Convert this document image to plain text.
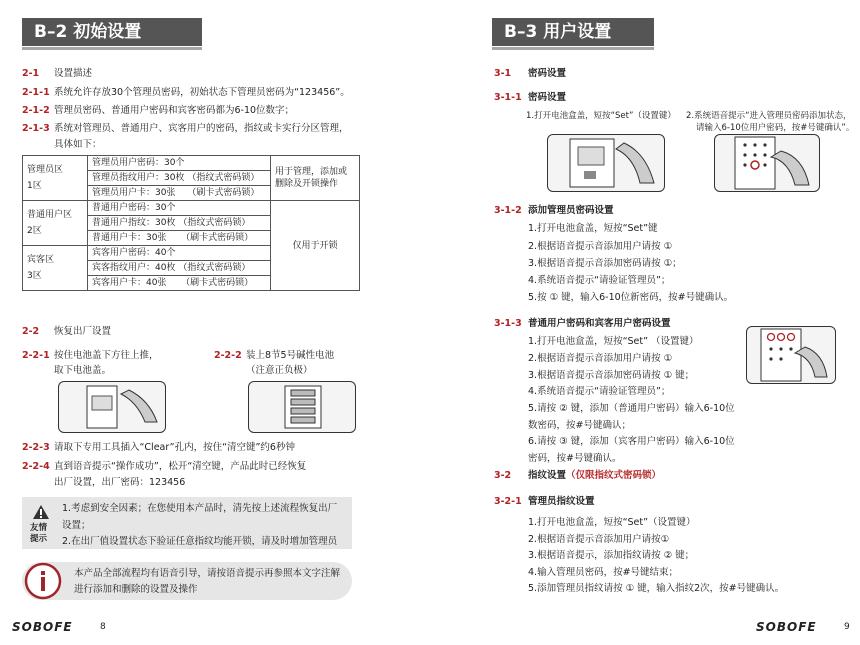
B–2 初始设置
2-1 设置描述
2-1-1 系统允许存放30个管理员密码，初始状态下管理员密码为“123456”。
2-1-2 管理员密码、普通用户密码和宾客密码都为6-10位数字；
2-1-3 系统对管理员、普通用户、宾客用户的密码，指纹或卡实行分区管理，
具体如下：
管理员区
1区	管理员用户密码：30个	用于管理，添加或删除及开锁操作
	管理员指纹用户：30枚 （指纹式密码锁）	
	管理员用户卡：30张　 （刷卡式密码锁）	
普通用户区
2区	普通用户密码：30个	仅用于开锁
	普通用户指纹：30枚 （指纹式密码锁）	
	普通用户卡：30张 　 （刷卡式密码锁）	
宾客区
3区	宾客用户密码：40个	
	宾客指纹用户：40枚 （指纹式密码锁）	
	宾客用户卡：40张 　 （刷卡式密码锁）	
2-2 恢复出厂设置
2-2-1 按住电池盖下方往上推，
取下电池盖。
2-2-2 装上8节5号碱性电池
（注意正负极）
2-2-3 请取下专用工具插入“Clear”孔内，按住“清空键”约6秒钟
2-2-4 直到语音提示“操作成功”，松开“清空键，产品此时已经恢复
出厂设置，出厂密码：123456
友情
提示
1.考虑到安全因素；在您使用本产品时，清先按上述流程恢复出厂
设置；
2.在出厂值设置状态下验证任意指纹均能开锁，请及时增加管理员
本产品全部流程均有语音引导，请按语音提示再参照本文字注解
进行添加和删除的设置及操作
SOBOFE	8
B–3 用户设置
3-1 密码设置
3-1-1 密码设置
1.打开电池盒盖，短按“Set”（设置键） 2.系统语音提示“进入管理员密码添加状态，
请输入6-10位用户密码，按#号键确认”。
3-1-2 添加管理员密码设置
1.打开电池盒盖，短按“Set”键
2.根据语音提示音添加用户请按 ①
3.根据语音提示音添加密码请按 ①；
4.系统语音提示“请验证管理员”；
5.按 ① 键，输入6-10位新密码，按#号键确认。
3-1-3 普通用户密码和宾客用户密码设置
1.打开电池盒盖，短按“Set” （设置键）
2.根据语音提示音添加用户请按 ①
3.根据语音提示音添加密码请按 ① 键；
4.系统语音提示“请验证管理员”；
5.请按 ② 键，添加（普通用户密码）输入6-10位
数密码，按#号键确认；
6.请按 ③ 键，添加（宾客用户密码）输入6-10位
密码，按#号键确认。
3-2 指纹设置（仅限指纹式密码锁）
3-2-1 管理员指纹设置
1.打开电池盒盖，短按“Set”（设置键）
2.根据语音提示音添加用户请按①
3.根据语音提示，添加指纹请按 ② 键；
4.输入管理员密码，按#号键结束；
5.添加管理员指纹请按 ① 键，输入指纹2次，按#号键确认。
SOBOFE	9
